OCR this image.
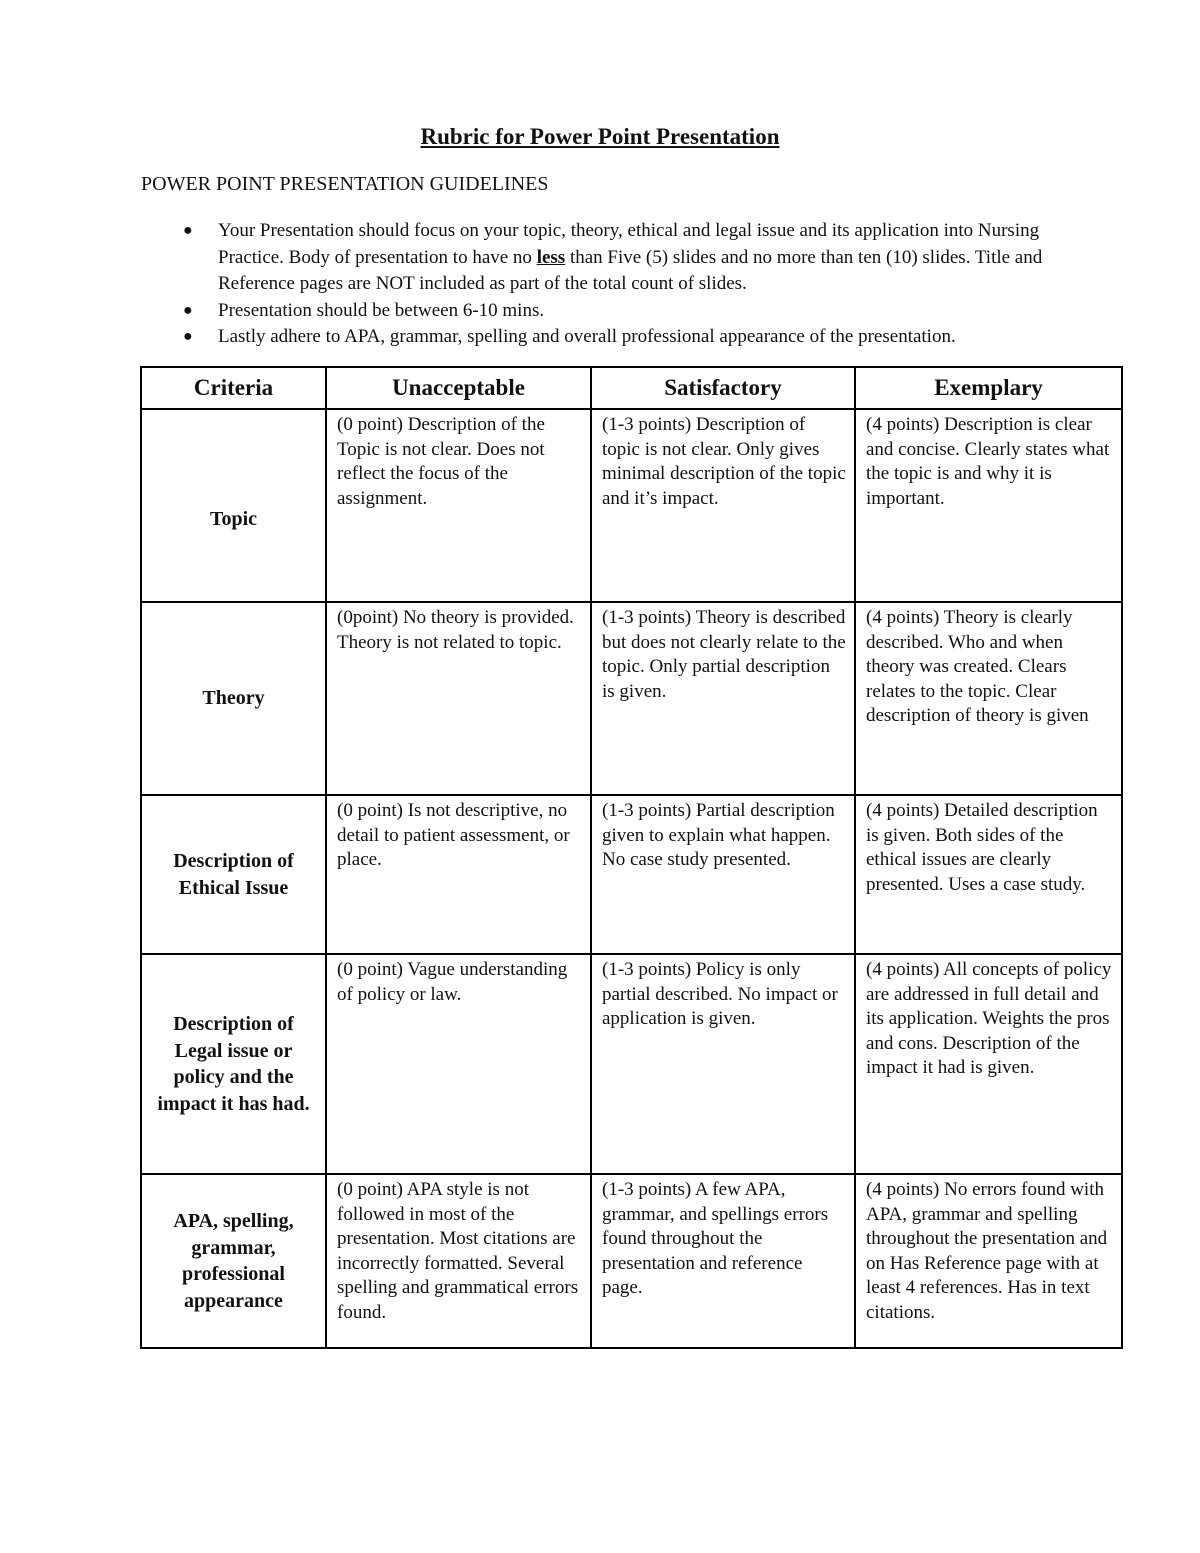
Rubric for Power Point Presentation
POWER POINT PRESENTATION GUIDELINES
● Your Presentation should focus on your topic, theory, ethical and legal issue and its application into Nursing Practice. Body of presentation to have no less than Five (5) slides and no more than ten (10) slides. Title and Reference pages are NOT included as part of the total count of slides.
● Presentation should be between 6-10 mins.
● Lastly adhere to APA, grammar, spelling and overall professional appearance of the presentation.
Criteria	Unacceptable	Satisfactory	Exemplary

Topic	(0 point) Description of the Topic is not clear. Does not reflect the focus of the assignment.	(1-3 points) Description of topic is not clear. Only gives minimal description of the topic and it’s impact.	(4 points) Description is clear and concise. Clearly states what the topic is and why it is important.

Theory	(0point) No theory is provided. Theory is not related to topic.	(1-3 points) Theory is described but does not clearly relate to the topic. Only partial description is given.	(4 points) Theory is clearly described. Who and when theory was created. Clears relates to the topic. Clear description of theory is given
Description of Ethical Issue	(0 point) Is not descriptive, no detail to patient assessment, or place.	(1-3 points) Partial description given to explain what happen. No case study presented.	(4 points) Detailed description is given. Both sides of the ethical issues are clearly presented. Uses a case study.
Description of Legal issue or policy and the impact it has had.	(0 point) Vague understanding of policy or law.	(1-3 points) Policy is only partial described. No impact or application is given.	(4 points) All concepts of policy are addressed in full detail and its application. Weights the pros and cons. Description of the impact it had is given.

APA, spelling, grammar, professional appearance	(0 point) APA style is not followed in most of the presentation. Most citations are incorrectly formatted. Several spelling and grammatical errors found.	(1-3 points) A few APA, grammar, and spellings errors found throughout the presentation and reference page.	(4 points) No errors found with APA, grammar and spelling throughout the presentation and on Has Reference page with at least 4 references. Has in text citations.
